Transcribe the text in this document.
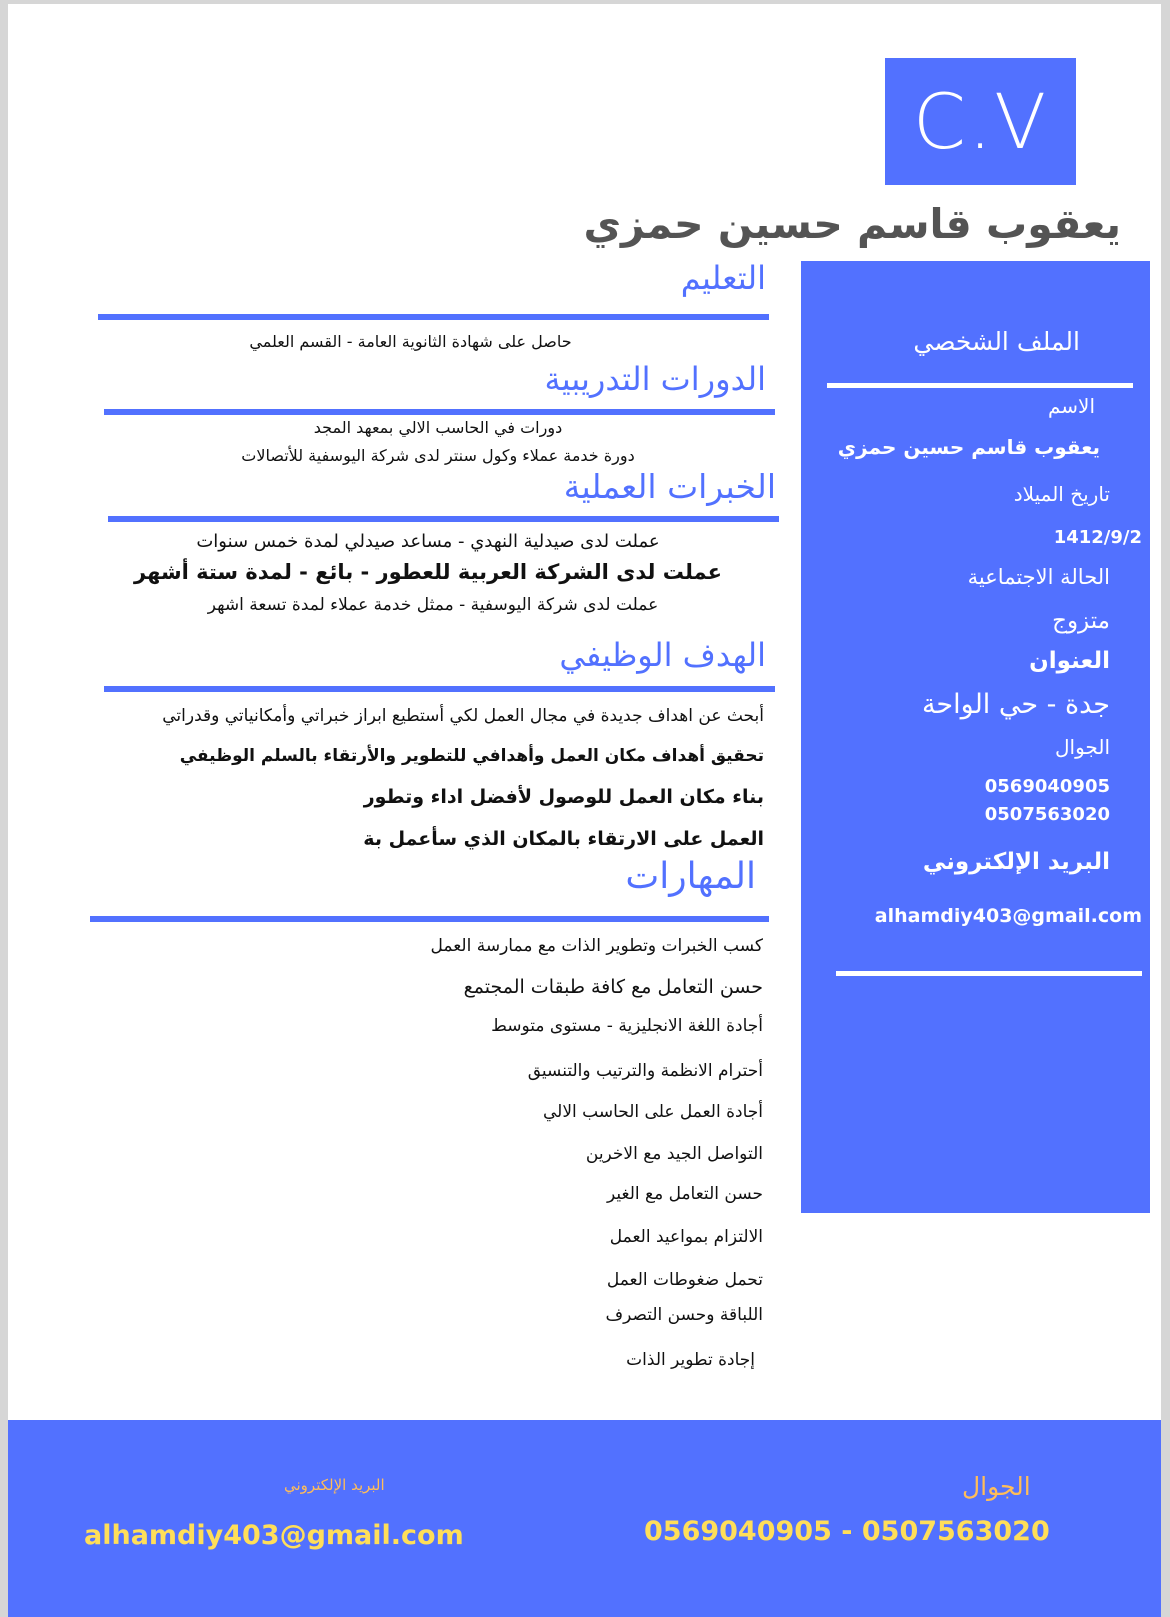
C.V
يعقوب قاسم حسين حمزي
الملف الشخصي
الاسم
يعقوب قاسم حسين حمزي
تاريخ الميلاد
1412/9/2
الحالة الاجتماعية
متزوج
العنوان
جدة - حي الواحة
الجوال
0569040905
0507563020
البريد الإلكتروني
alhamdiy403@gmail.com
التعليم
حاصل على شهادة الثانوية العامة - القسم العلمي
الدورات التدريبية
دورات في الحاسب الالي بمعهد المجد
دورة خدمة عملاء وكول سنتر لدى شركة اليوسفية للأتصالات
الخبرات العملية
عملت لدى صيدلية النهدي - مساعد صيدلي لمدة خمس سنوات
عملت لدى الشركة العربية للعطور - بائع - لمدة ستة أشهر
عملت لدى شركة اليوسفية - ممثل خدمة عملاء لمدة تسعة اشهر
الهدف الوظيفي
أبحث عن اهداف جديدة في مجال العمل لكي أستطيع ابراز خبراتي وأمكانياتي وقدراتي
تحقيق أهداف مكان العمل وأهدافي للتطوير والأرتقاء بالسلم الوظيفي
بناء مكان العمل للوصول لأفضل اداء وتطور
العمل على الارتقاء بالمكان الذي سأعمل بة
المهارات
كسب الخبرات وتطوير الذات مع ممارسة العمل
حسن التعامل مع كافة طبقات المجتمع
أجادة اللغة الانجليزية - مستوى متوسط
أحترام الانظمة والترتيب والتنسيق
أجادة العمل على الحاسب الالي
التواصل الجيد مع الاخرين
حسن التعامل مع الغير
الالتزام بمواعيد العمل
تحمل ضغوطات العمل
اللباقة وحسن التصرف
إجادة تطوير الذات
البريد الإلكتروني
alhamdiy403@gmail.com
الجوال
0569040905 - 0507563020
